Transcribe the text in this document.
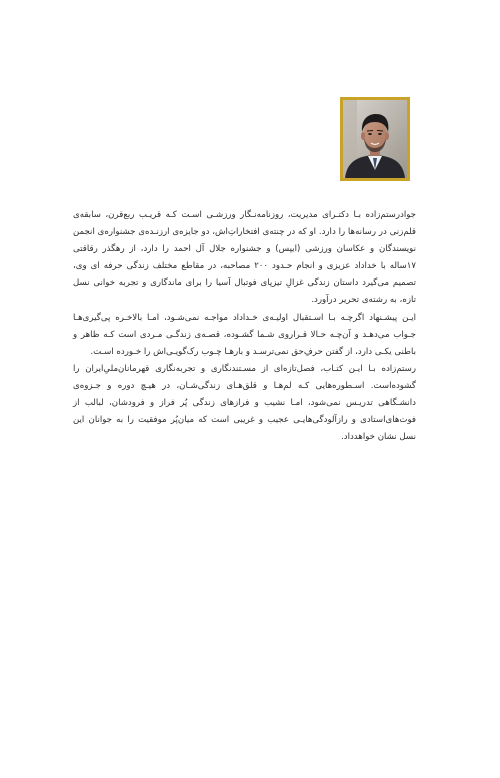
جوادرستم‌زاده بـا دکتـرای مدیریت، روزنامه‌نـگار ورزشـی اسـت کـه قریـب ربع‌قرن، سابقه‌ی قلم‌زنی در رسانه‌ها را دارد. او که در چنته‌ی افتخاراتِ‌اش، دو جایزه‌ی ارزنـده‌ی جشنواره‌ی انجمن نویسندگان و عکاسان ورزشی (ایپس) و جشنواره جلال آل احمد را دارد، از رهگذر رقاقتی ۱۷ساله با خداداد عزیزی و انجام حـدود ۲۰۰ مصاحبه، در مقاطع مختلف زندگی حرفه‌ ای وی، تصمیم می‌گیرد داستان زندگی غزالِ تیزپای فوتبال آسیا را برای ماندگاری و تجربه‌ خوانی نسل تازه، به رشته‌ی تحریر درآورد.

ایـن پیشـنهاد اگرچـه بـا اسـتقبال اولیـه‌ی خـداداد مواجـه نمی‌شـود، امـا بالاخـره پی‌گیری‌هـا جـواب می‌دهـد و آن‌چـه حـالا قـراروی شـما گشـوده، قصـه‌ی زندگـی مـردی است کـه ظاهر و باطنی یکـی دارد، از گفتن حرفِ‌حق نمی‌ترسـد و بارهـا چـوب رک‌گویـی‌اش را خـورده اسـت.

رستم‌زاده بـا ایـن کتـاب، فصل‌تازه‌ای از مسـتندنگاری و تجربه‌نگاری قهرمانان‌ملیِ‌ایران را گشوده‌است. اسـطوره‌هایی کـه لم‌هـا و قلق‌هـای زندگی‌شـان، در هیـچ دوره و جـزوه‌ی دانشـگاهی تدریـس نمی‌شود، امـا نشیب و فرازهای زندگی پُر فراز و فرودشان، لبالب از فوت‌های‌استادی و رازآلودگی‌هایـی عجیب و غریبی است که میان‌پُر موفقیت را به جوانان این نسل نشان خواهدداد.
